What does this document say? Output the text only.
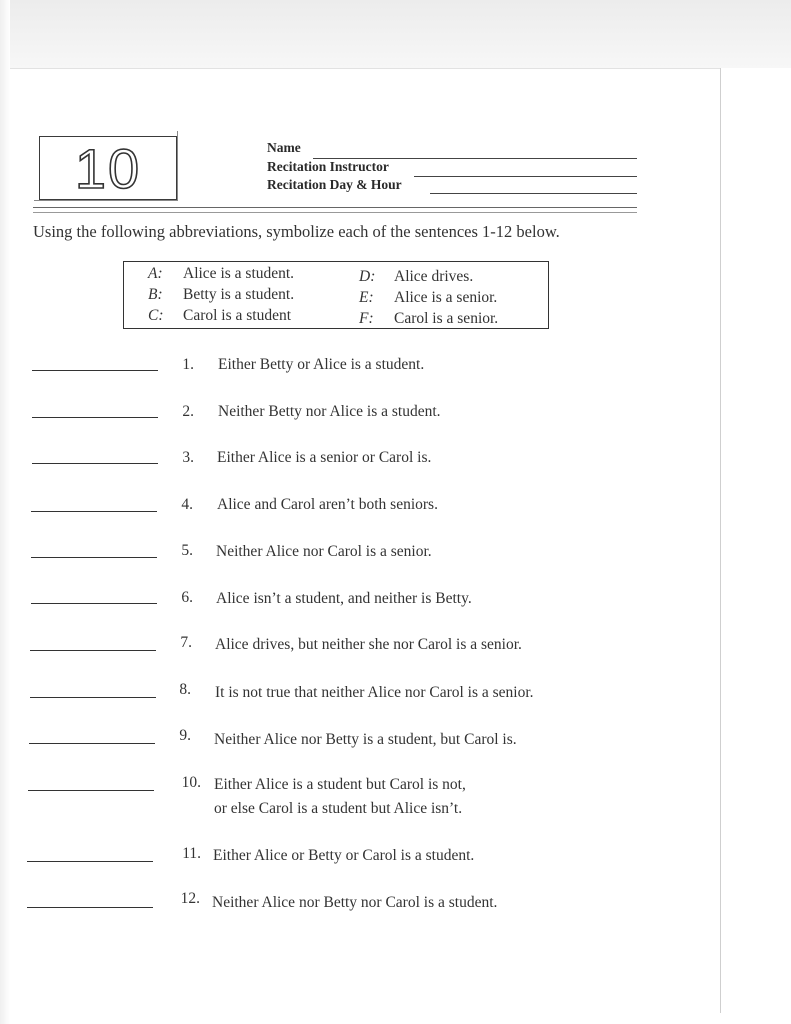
10	Name
Recitation Instructor
Recitation Day & Hour
Using the following abbreviations, symbolize each of the sentences 1-12 below.
A: Alice is a student.
B: Betty is a student.
C: Carol is a student
D: Alice drives.
E: Alice is a senior.
F: Carol is a senior.
1. Either Betty or Alice is a student.
2. Neither Betty nor Alice is a student.
3. Either Alice is a senior or Carol is.
4. Alice and Carol aren’t both seniors.
5. Neither Alice nor Carol is a senior.
6. Alice isn’t a student, and neither is Betty.
7. Alice drives, but neither she nor Carol is a senior.
8. It is not true that neither Alice nor Carol is a senior.
9. Neither Alice nor Betty is a student, but Carol is.
10. Either Alice is a student but Carol is not,
or else Carol is a student but Alice isn’t.
11. Either Alice or Betty or Carol is a student.
12. Neither Alice nor Betty nor Carol is a student.
